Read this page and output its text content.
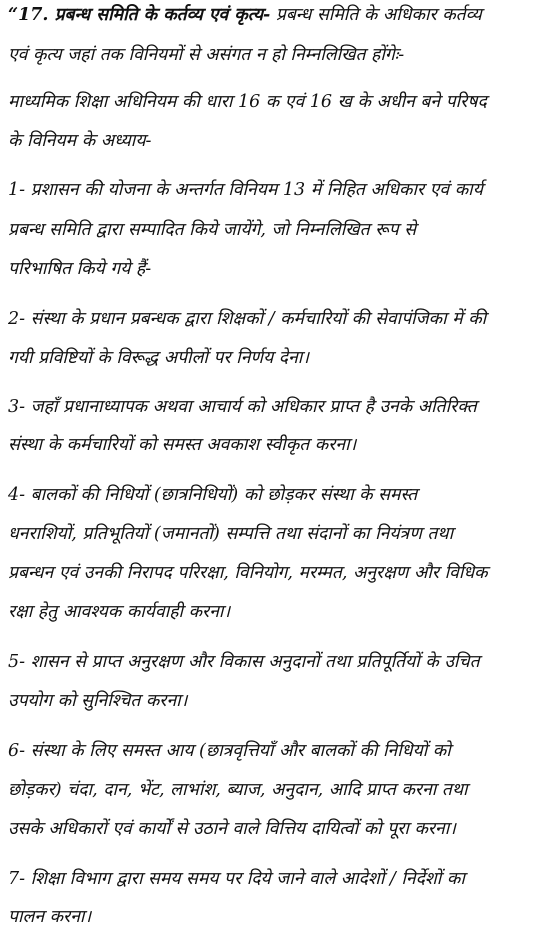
“17. प्रबन्ध समिति के कर्तव्य एवं कृत्य- प्रबन्ध समिति के अधिकार कर्तव्य
एवं कृत्य जहां तक विनियमों से असंगत न हो निम्नलिखित होंगेः-
माध्यमिक शिक्षा अधिनियम की धारा 16 क एवं 16 ख के अधीन बने परिषद
के विनियम के अध्याय-
1- प्रशासन की योजना के अन्तर्गत विनियम 13 में निहित अधिकार एवं कार्य
प्रबन्ध समिति द्वारा सम्पादित किये जायेंगे, जो निम्नलिखित रूप से
परिभाषित किये गये हैं-
2- संस्था के प्रधान प्रबन्धक द्वारा शिक्षकों / कर्मचारियों की सेवापंजिका में की
गयी प्रविष्टियों के विरूद्ध अपीलों पर निर्णय देना।
3- जहॉं प्रधानाध्यापक अथवा आचार्य को अधिकार प्राप्त है उनके अतिरिक्त
संस्था के कर्मचारियों को समस्त अवकाश स्वीकृत करना।
4- बालकों की निधियों (छात्रनिधियों) को छोड़कर संस्था के समस्त
धनराशियों, प्रतिभूतियों (जमानतों) सम्पत्ति तथा संदानों का नियंत्रण तथा
प्रबन्धन एवं उनकी निरापद परिरक्षा, विनियोग, मरम्मत, अनुरक्षण और विधिक
रक्षा हेतु आवश्यक कार्यवाही करना।
5- शासन से प्राप्त अनुरक्षण और विकास अनुदानों तथा प्रतिपूर्तियों के उचित
उपयोग को सुनिश्चित करना।
6- संस्था के लिए समस्त आय (छात्रवृत्तियॉं और बालकों की निधियों को
छोड़कर) चंदा, दान, भेंट, लाभांश, ब्याज, अनुदान, आदि प्राप्त करना तथा
उसके अधिकारों एवं कार्यों से उठाने वाले वित्तिय दायित्वों को पूरा करना।
7- शिक्षा विभाग द्वारा समय समय पर दिये जाने वाले आदेशों / निर्देशों का
पालन करना।
